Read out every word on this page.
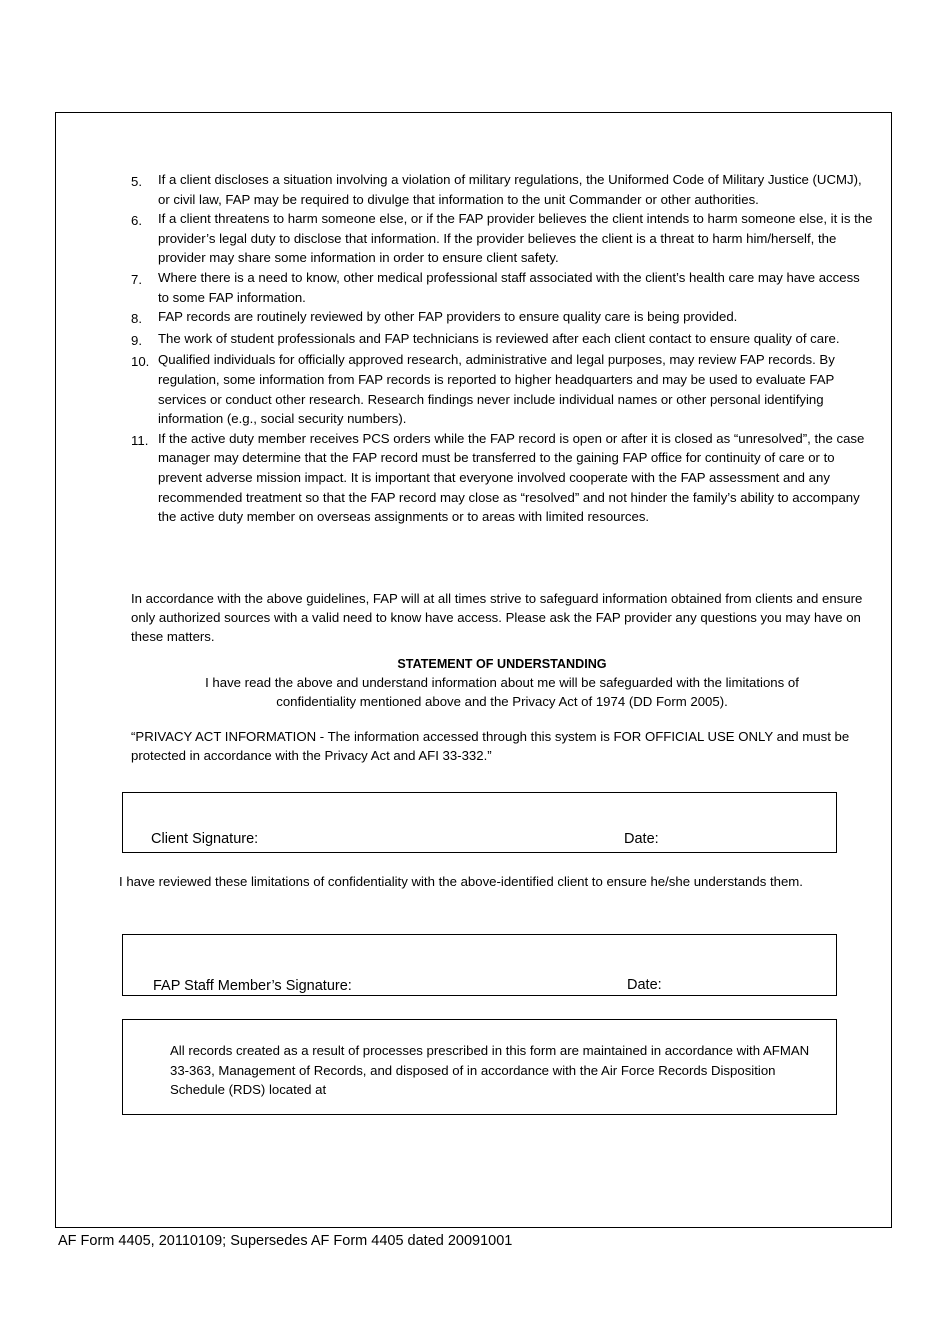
5.	If a client discloses a situation involving a violation of military regulations, the Uniformed Code of Military Justice (UCMJ), or civil law, FAP may be required to divulge that information to the unit Commander or other authorities.
6.	If a client threatens to harm someone else, or if the FAP provider believes the client intends to harm someone else, it is the provider’s legal duty to disclose that information. If the provider believes the client is a threat to harm him/herself, the provider may share some information in order to ensure client safety.
7.	Where there is a need to know, other medical professional staff associated with the client’s health care may have access to some FAP information.
8.	FAP records are routinely reviewed by other FAP providers to ensure quality care is being provided.
9.	The work of student professionals and FAP technicians is reviewed after each client contact to ensure quality of care.
10. Qualified individuals for officially approved research, administrative and legal purposes, may review FAP records. By regulation, some information from FAP records is reported to higher headquarters and may be used to evaluate FAP services or conduct other research. Research findings never include individual names or other personal identifying information (e.g., social security numbers).
11. If the active duty member receives PCS orders while the FAP record is open or after it is closed as “unresolved”, the case manager may determine that the FAP record must be transferred to the gaining FAP office for continuity of care or to prevent adverse mission impact. It is important that everyone involved cooperate with the FAP assessment and any recommended treatment so that the FAP record may close as “resolved” and not hinder the family’s ability to accompany the active duty member on overseas assignments or to areas with limited resources.
In accordance with the above guidelines, FAP will at all times strive to safeguard information obtained from clients and ensure only authorized sources with a valid need to know have access. Please ask the FAP provider any questions you may have on these matters.
STATEMENT OF UNDERSTANDING
I have read the above and understand information about me will be safeguarded with the limitations of confidentiality mentioned above and the Privacy Act of 1974 (DD Form 2005).
“PRIVACY ACT INFORMATION - The information accessed through this system is FOR OFFICIAL USE ONLY and must be protected in accordance with the Privacy Act and AFI 33-332.”
Client Signature:	Date:
I have reviewed these limitations of confidentiality with the above-identified client to ensure he/she understands them.
FAP Staff Member’s Signature:	Date:
All records created as a result of processes prescribed in this form are maintained in accordance with AFMAN 33-363, Management of Records, and disposed of in accordance with the Air Force Records Disposition Schedule (RDS) located at
AF Form 4405, 20110109; Supersedes AF Form 4405 dated 20091001
